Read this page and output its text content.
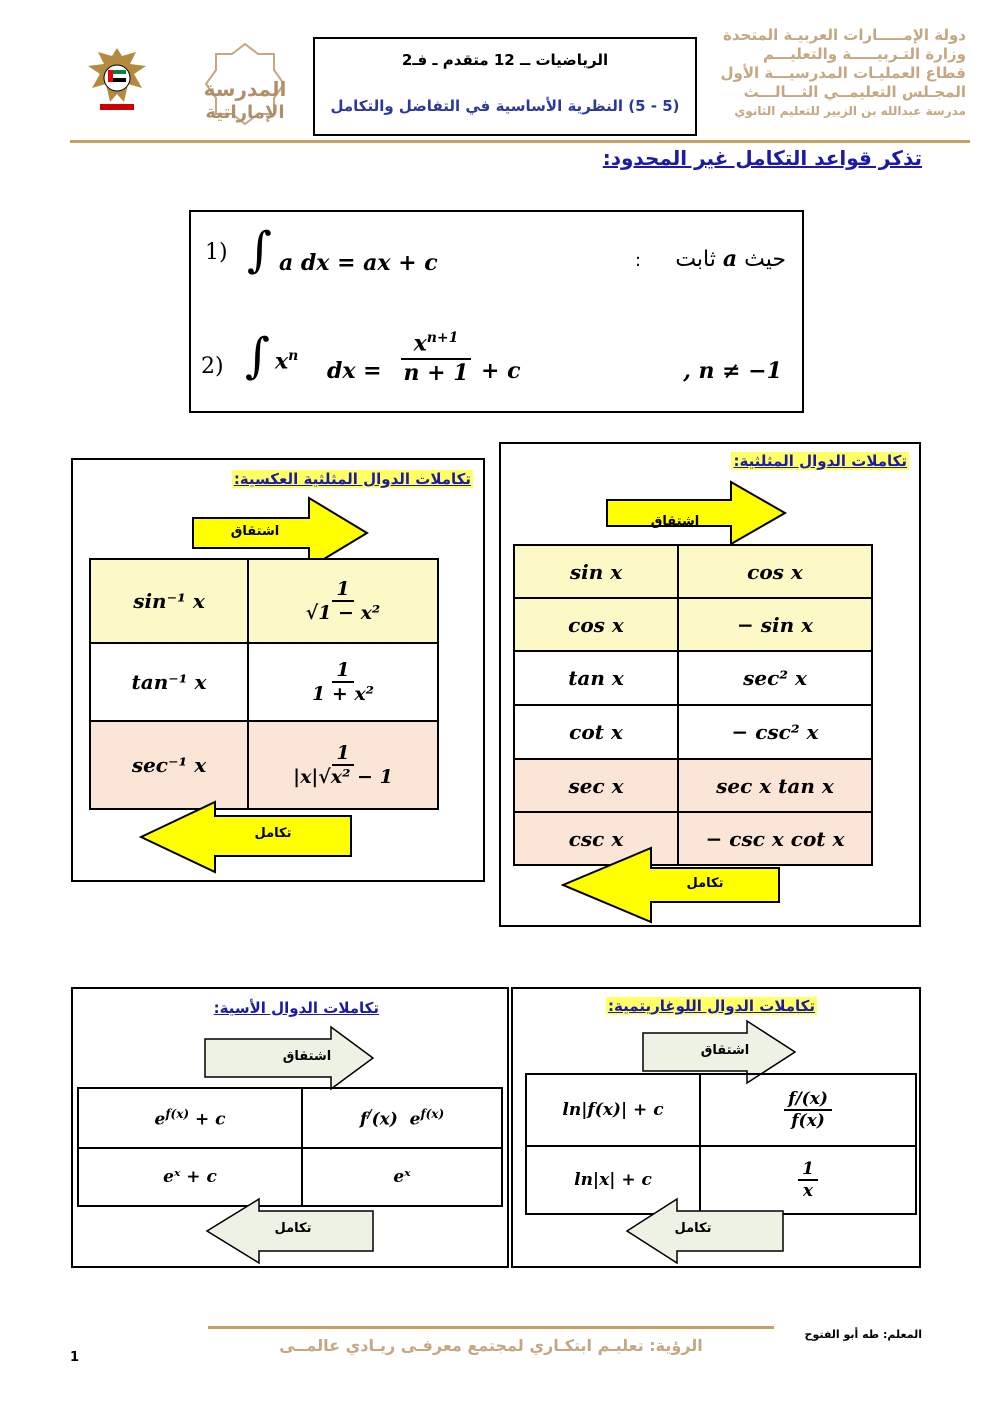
المدرسة
الإماراتية
الرياضيات ــ 12 متقدم ـ فـ2
(5 - 5) النظرية الأساسية في التفاضل والتكامل
دولة الإمـــــارات العربيـة المتحدة
وزارة التـربيـــــة والتعليـــم
قطاع العمليـات المدرسيـــة الأول
المجـلس التعليمــي الثـــالـــث
مدرسة عبدالله بن الزبير للتعليم الثانوي
تذكر قواعد التكامل غير المحدود:
1) ∫ a dx = ax + c	:	حيث a ثابت
2) ∫ $x^n$
dx = $\frac{x^{n+1}}{n + 1} + c$	, n ≠ −1
تكاملات الدوال المثلثية:
اشتقاق
sin x	cos x
cos x	− sin x
tan x	sec² x
cot x	− csc² x
sec x	sec x tan x
csc x	− csc x cot x
تكامل
تكاملات الدوال المثلثية العكسية:
اشتقاق
sin⁻¹ x	$\frac{1}{\text{√1 − x²}}$

tan⁻¹ x	$\frac{1}{\text{1 + x²}}$

sec⁻¹ x	$\frac{1}{\text{|x|√x² − 1}}$
تكامل
تكاملات الدوال الأسية:
اشتقاق
$e^{f(x)} + c$	f/(x)  $e^{f(x)}$
eˣ + c	eˣ
تكامل
تكاملات الدوال اللوغاريتمية:
اشتقاق
ln|f(x)| + c	$\frac{f/(x)}{f(x)}$

ln|x| + c	$\frac{1}{x}$
تكامل
الرؤية: تعليـم ابتكـاري لمجتمع معرفـى ريـادي عالمــى
المعلم: طه أبو الفتوح
1
